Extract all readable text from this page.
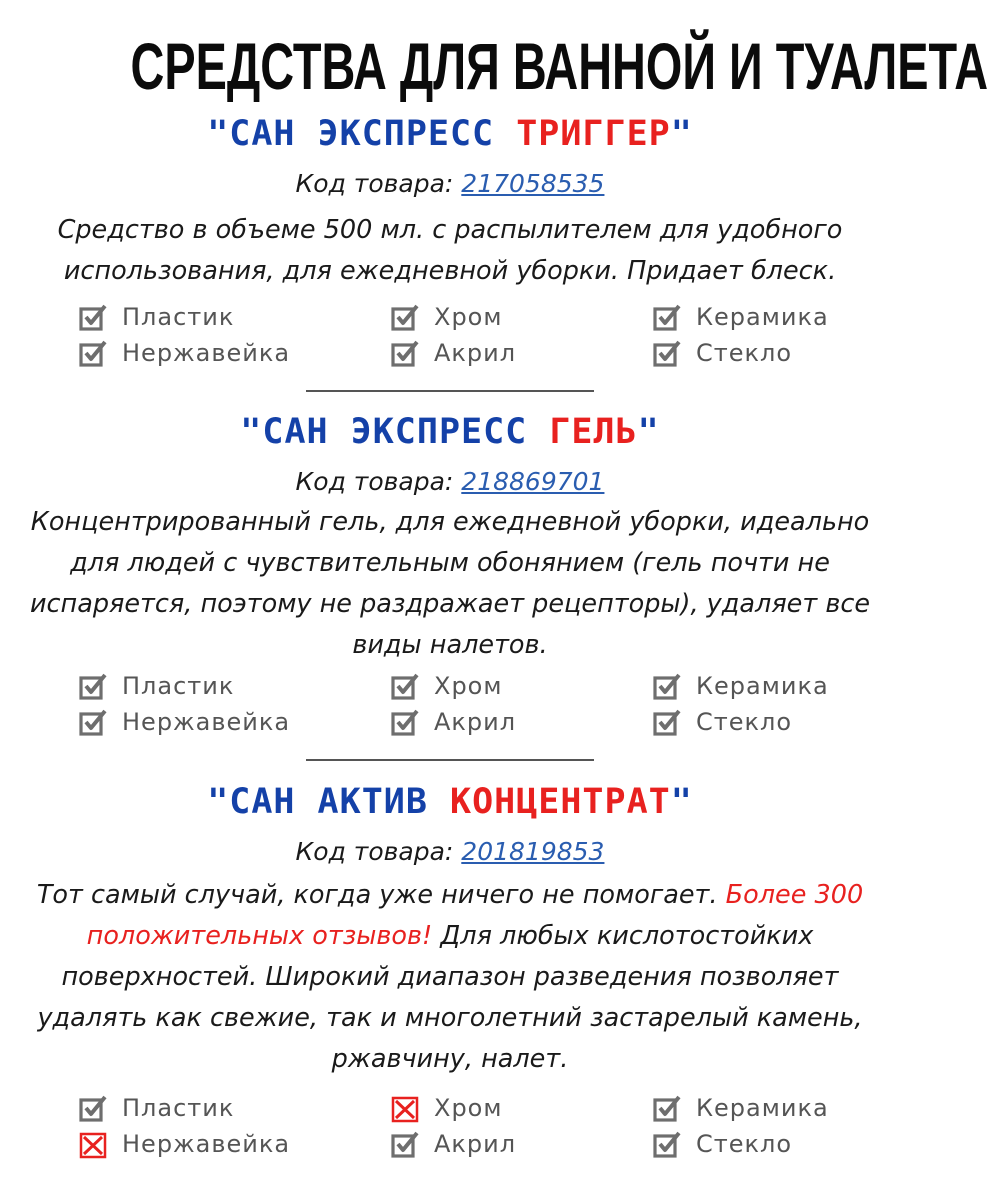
СРЕДСТВА ДЛЯ ВАННОЙ И ТУАЛЕТА
"САН ЭКСПРЕСС ТРИГГЕР"
Код товара: 217058535
Средство в объеме 500 мл. с распылителем для удобного использования, для ежедневной уборки. Придает блеск.
Пластик	Хром	Керамика
Нержавейка	Акрил	Стекло
"САН ЭКСПРЕСС ГЕЛЬ"
Код товара: 218869701
Концентрированный гель, для ежедневной уборки, идеально для людей с чувствительным обонянием (гель почти не испаряется, поэтому не раздражает рецепторы), удаляет все виды налетов.
Пластик	Хром	Керамика
Нержавейка	Акрил	Стекло
"САН АКТИВ КОНЦЕНТРАТ"
Код товара: 201819853
Тот самый случай, когда уже ничего не помогает. Более 300 положительных отзывов! Для любых кислотостойких поверхностей. Широкий диапазон разведения позволяет удалять как свежие, так и многолетний застарелый камень, ржавчину, налет.
Пластик	Хром	Керамика
Нержавейка	Акрил	Стекло
